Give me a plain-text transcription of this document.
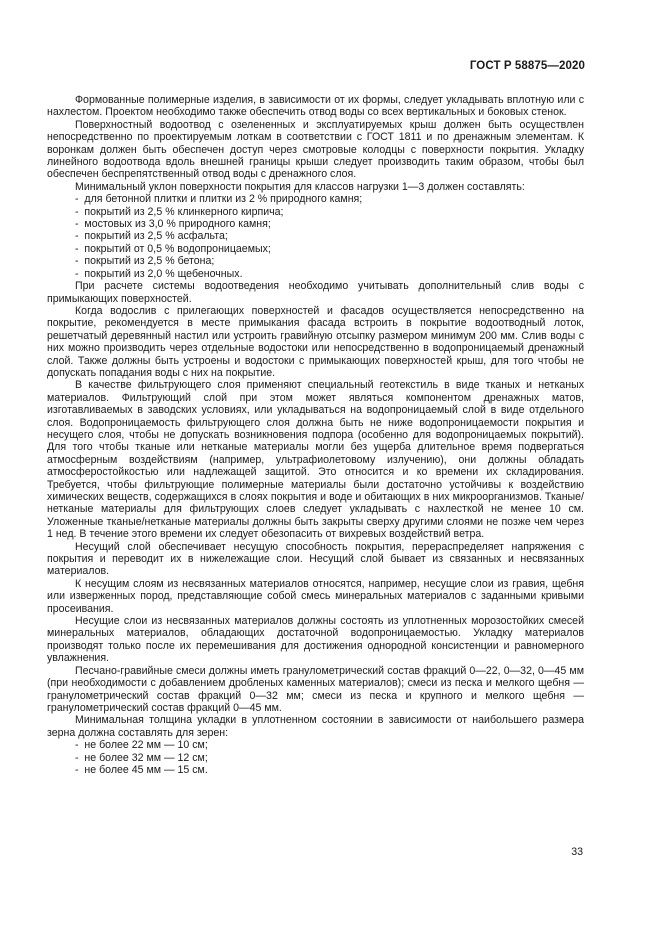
ГОСТ Р 58875—2020

Формованные полимерные изделия, в зависимости от их формы, следует укладывать вплотную или с нахлестом. Проектом необходимо также обеспечить отвод воды со всех вертикальных и боковых стенок.

Поверхностный водоотвод с озелененных и эксплуатируемых крыш должен быть осуществлен непосредственно по проектируемым лоткам в соответствии с ГОСТ 1811 и по дренажным элементам. К воронкам должен быть обеспечен доступ через смотровые колодцы с поверхности покрытия. Укладку линейного водоотвода вдоль внешней границы крыши следует производить таким образом, чтобы был обеспечен беспрепятственный отвод воды с дренажного слоя.

Минимальный уклон поверхности покрытия для классов нагрузки 1—3 должен составлять:

-  для бетонной плитки и плитки из 2 % природного камня;
-  покрытий из 2,5 % клинкерного кирпича;
-  мостовых из 3,0 % природного камня;
-  покрытий из 2,5 % асфальта;
-  покрытий от 0,5 % водопроницаемых;
-  покрытий из 2,5 % бетона;
-  покрытий из 2,0 % щебеночных.

При расчете системы водоотведения необходимо учитывать дополнительный слив воды с примыкающих поверхностей.

Когда водослив с прилегающих поверхностей и фасадов осуществляется непосредственно на покрытие, рекомендуется в месте примыкания фасада встроить в покрытие водоотводный лоток, решетчатый деревянный настил или устроить гравийную отсыпку размером минимум 200 мм. Слив воды с них можно производить через отдельные водостоки или непосредственно в водопроницаемый дренажный слой. Также должны быть устроены и водостоки с примыкающих поверхностей крыш, для того чтобы не допускать попадания воды с них на покрытие.

В качестве фильтрующего слоя применяют специальный геотекстиль в виде тканых и нетканых материалов. Фильтрующий слой при этом может являться компонентом дренажных матов, изготавливаемых в заводских условиях, или укладываться на водопроницаемый слой в виде отдельного слоя. Водопроницаемость фильтрующего слоя должна быть не ниже водопроницаемости покрытия и несущего слоя, чтобы не допускать возникновения подпора (особенно для водопроницаемых покрытий). Для того чтобы тканые или нетканые материалы могли без ущерба длительное время подвергаться атмосферным воздействиям (например, ультрафиолетовому излучению), они должны обладать атмосферостойкостью или надлежащей защитой. Это относится и ко времени их складирования. Требуется, чтобы фильтрующие полимерные материалы были достаточно устойчивы к воздействию химических веществ, содержащихся в слоях покрытия и воде и обитающих в них микроорганизмов. Тканые/нетканые материалы для фильтрующих слоев следует укладывать с нахлесткой не менее 10 см. Уложенные тканые/нетканые материалы должны быть закрыты сверху другими слоями не позже чем через 1 нед. В течение этого времени их следует обезопасить от вихревых воздействий ветра.

Несущий слой обеспечивает несущую способность покрытия, перераспределяет напряжения с покрытия и переводит их в нижележащие слои. Несущий слой бывает из связанных и несвязанных материалов.

К несущим слоям из несвязанных материалов относятся, например, несущие слои из гравия, щебня или изверженных пород, представляющие собой смесь минеральных материалов с заданными кривыми просеивания.

Несущие слои из несвязанных материалов должны состоять из уплотненных морозостойких смесей минеральных материалов, обладающих достаточной водопроницаемостью. Укладку материалов производят только после их перемешивания для достижения однородной консистенции и равномерного увлажнения.

Песчано-гравийные смеси должны иметь гранулометрический состав фракций 0—22, 0—32, 0—45 мм (при необходимости с добавлением дробленых каменных материалов); смеси из песка и мелкого щебня — гранулометрический состав фракций 0—32 мм; смеси из песка и крупного и мелкого щебня — гранулометрический состав фракций 0—45 мм.

Минимальная толщина укладки в уплотненном состоянии в зависимости от наибольшего размера зерна должна составлять для зерен:

-  не более 22 мм — 10 см;
-  не более 32 мм — 12 см;
-  не более 45 мм — 15 см.
33
